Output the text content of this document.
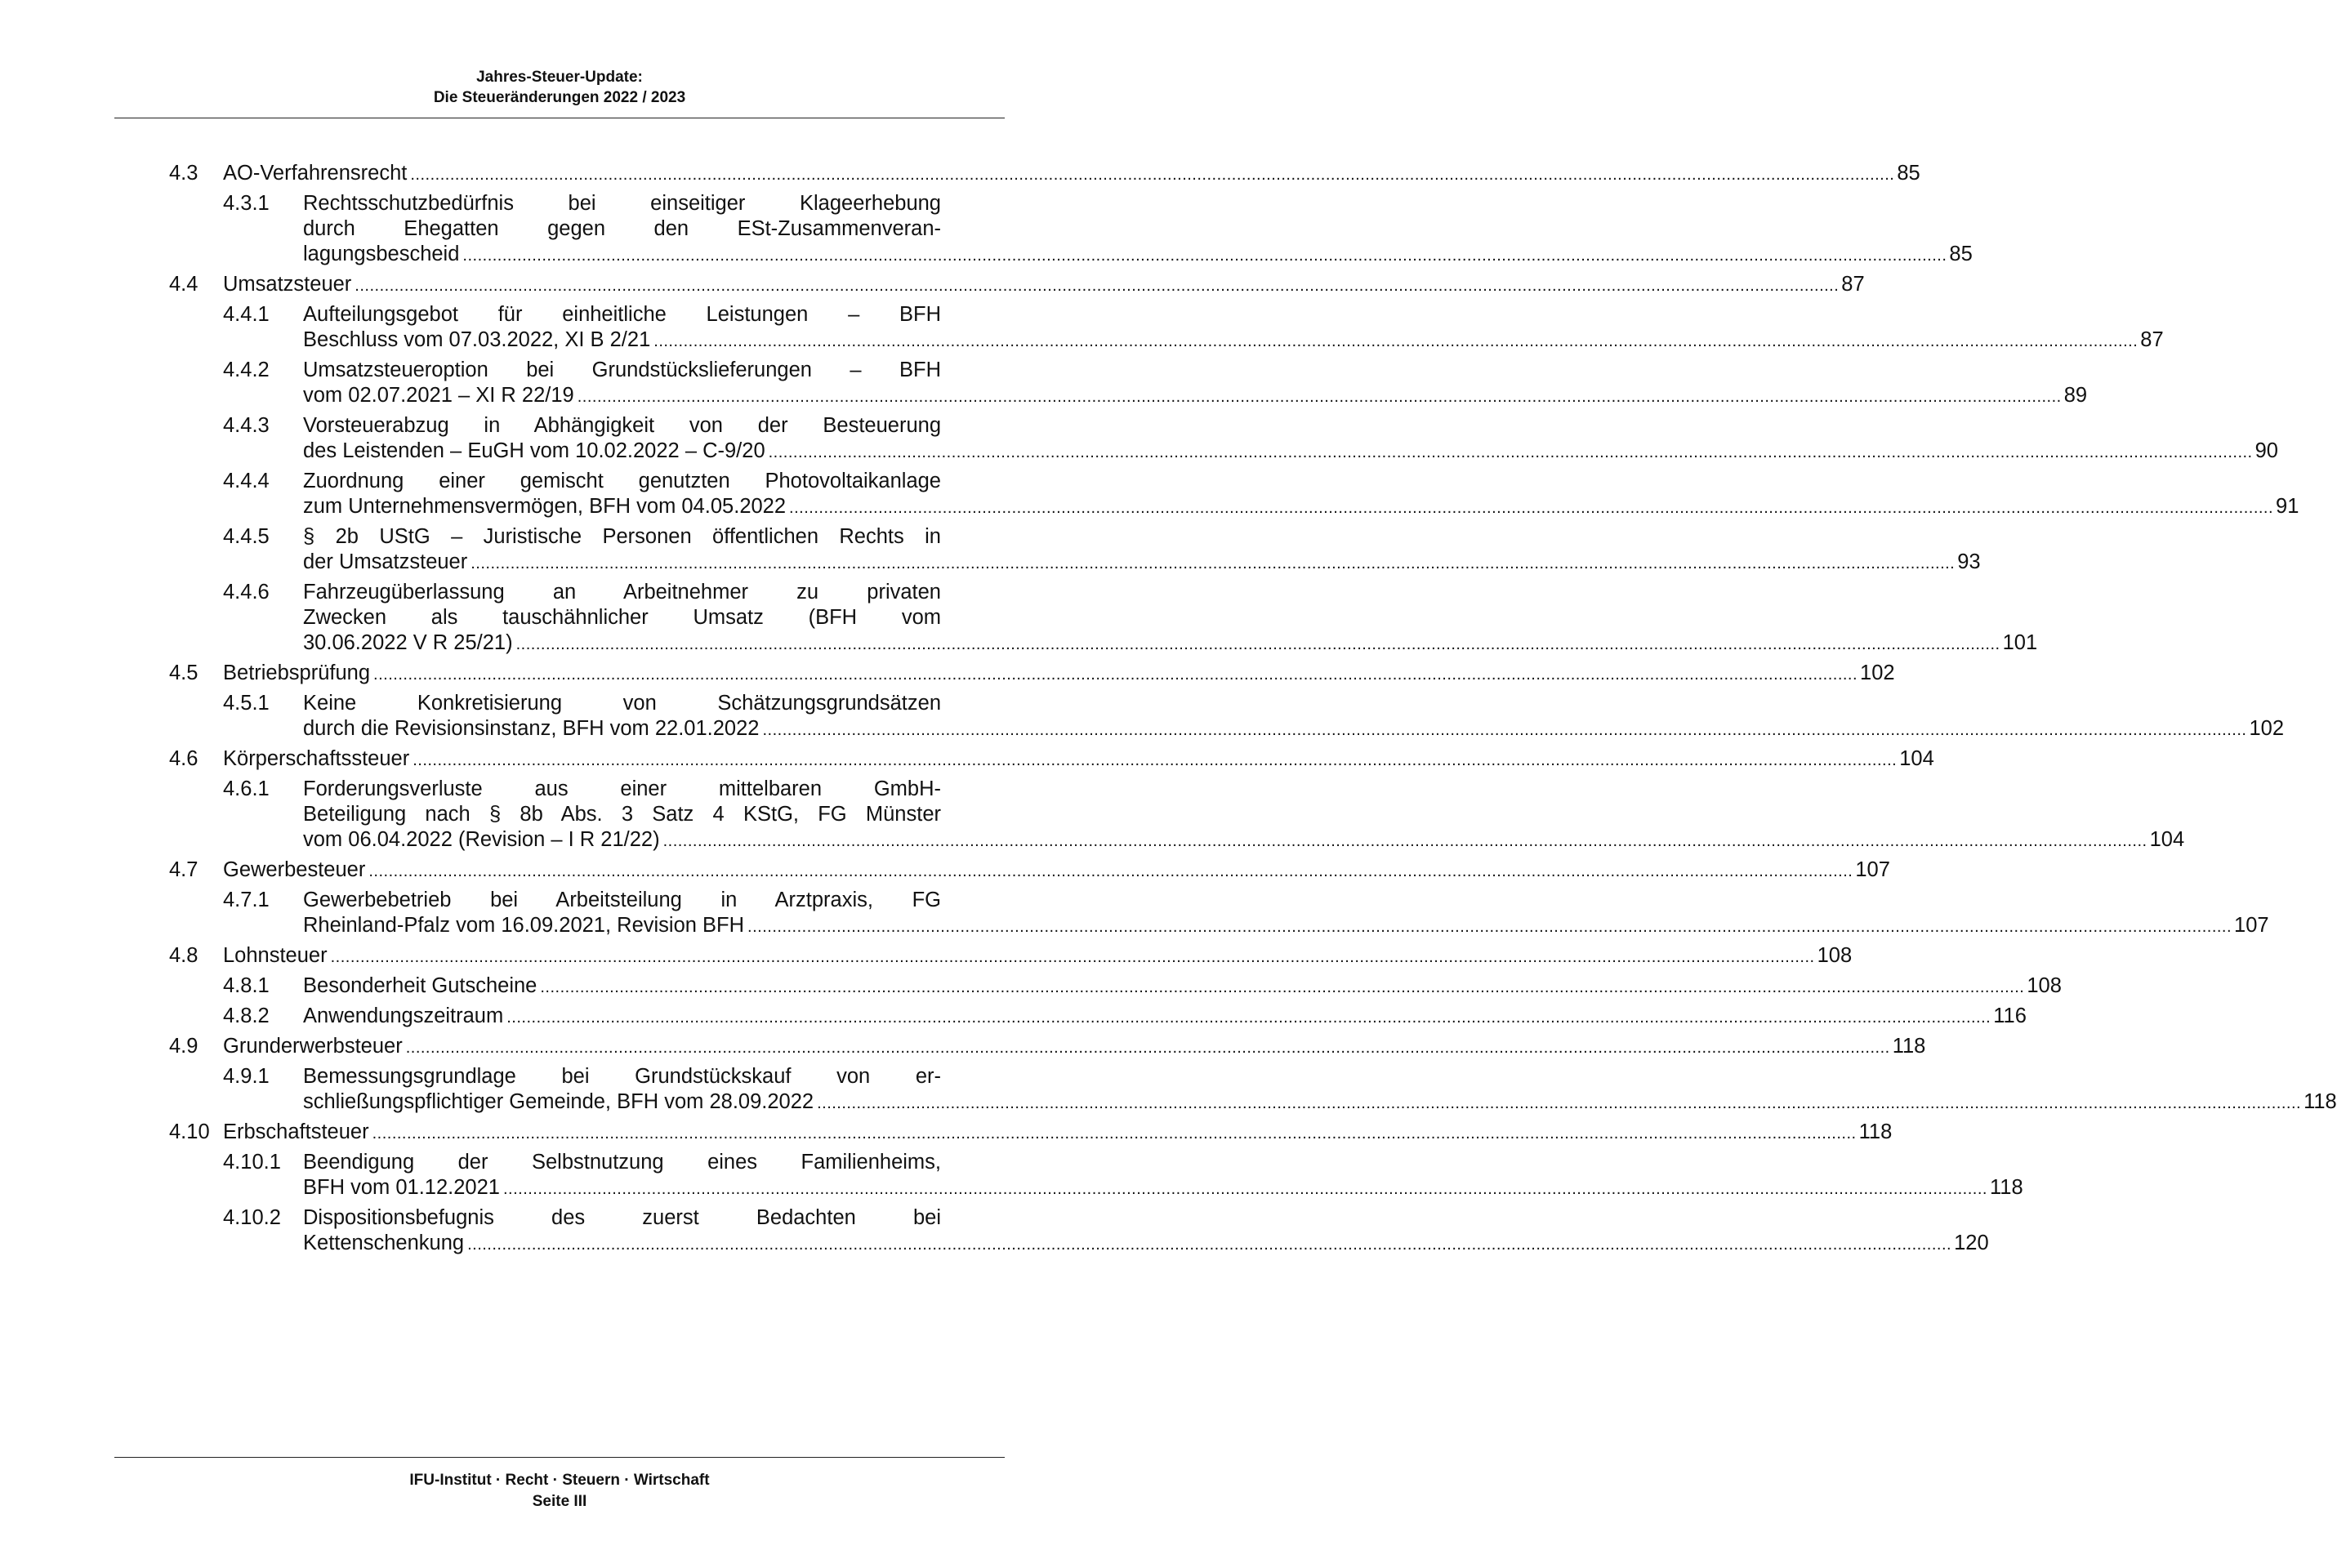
Jahres-Steuer-Update:
Die Steueränderungen 2022 / 2023
4.3	AO-Verfahrensrecht ............................................................................................................................................................................................................................................................................................................ 85
4.3.1	Rechtsschutzbedürfnis bei einseitiger Klageerhebung
durch Ehegatten gegen den ESt-Zusammenveran-
lagungsbescheid ............................................................................................................................................................................................................................................................................................................ 85
4.4	Umsatzsteuer ............................................................................................................................................................................................................................................................................................................ 87
4.4.1	Aufteilungsgebot für einheitliche Leistungen – BFH
Beschluss vom 07.03.2022, XI B 2/21 ............................................................................................................................................................................................................................................................................................................ 87
4.4.2	Umsatzsteueroption bei Grundstückslieferungen – BFH
vom 02.07.2021 – XI R 22/19 ............................................................................................................................................................................................................................................................................................................ 89
4.4.3	Vorsteuerabzug in Abhängigkeit von der Besteuerung
des Leistenden – EuGH vom 10.02.2022 – C-9/20 ............................................................................................................................................................................................................................................................................................................ 90
4.4.4	Zuordnung einer gemischt genutzten Photovoltaikanlage
zum Unternehmensvermögen, BFH vom 04.05.2022 ............................................................................................................................................................................................................................................................................................................ 91
4.4.5	§ 2b UStG – Juristische Personen öffentlichen Rechts in
der Umsatzsteuer ............................................................................................................................................................................................................................................................................................................ 93
4.4.6	Fahrzeugüberlassung an Arbeitnehmer zu privaten
Zwecken als tauschähnlicher Umsatz (BFH vom
30.06.2022 V R 25/21) ............................................................................................................................................................................................................................................................................................................ 101
4.5	Betriebsprüfung ............................................................................................................................................................................................................................................................................................................ 102
4.5.1	Keine Konkretisierung von Schätzungsgrundsätzen
durch die Revisionsinstanz, BFH vom 22.01.2022 ............................................................................................................................................................................................................................................................................................................ 102
4.6	Körperschaftssteuer ............................................................................................................................................................................................................................................................................................................ 104
4.6.1	Forderungsverluste aus einer mittelbaren GmbH-
Beteiligung nach § 8b Abs. 3 Satz 4 KStG, FG Münster
vom 06.04.2022 (Revision – I R 21/22) ............................................................................................................................................................................................................................................................................................................ 104
4.7	Gewerbesteuer ............................................................................................................................................................................................................................................................................................................ 107
4.7.1	Gewerbebetrieb bei Arbeitsteilung in Arztpraxis, FG
Rheinland-Pfalz vom 16.09.2021, Revision BFH ............................................................................................................................................................................................................................................................................................................ 107
4.8	Lohnsteuer ............................................................................................................................................................................................................................................................................................................ 108
4.8.1	Besonderheit Gutscheine ............................................................................................................................................................................................................................................................................................................ 108
4.8.2	Anwendungszeitraum ............................................................................................................................................................................................................................................................................................................ 116
4.9	Grunderwerbsteuer ............................................................................................................................................................................................................................................................................................................ 118
4.9.1	Bemessungsgrundlage bei Grundstückskauf von er-
schließungspflichtiger Gemeinde, BFH vom 28.09.2022 ............................................................................................................................................................................................................................................................................................................ 118
4.10 Erbschaftsteuer ............................................................................................................................................................................................................................................................................................................ 118
4.10.1	Beendigung der Selbstnutzung eines Familienheims,
BFH vom 01.12.2021 ............................................................................................................................................................................................................................................................................................................ 118
4.10.2	Dispositionsbefugnis des zuerst Bedachten bei
Kettenschenkung ............................................................................................................................................................................................................................................................................................................ 120
IFU-Institut · Recht · Steuern · Wirtschaft
Seite III
